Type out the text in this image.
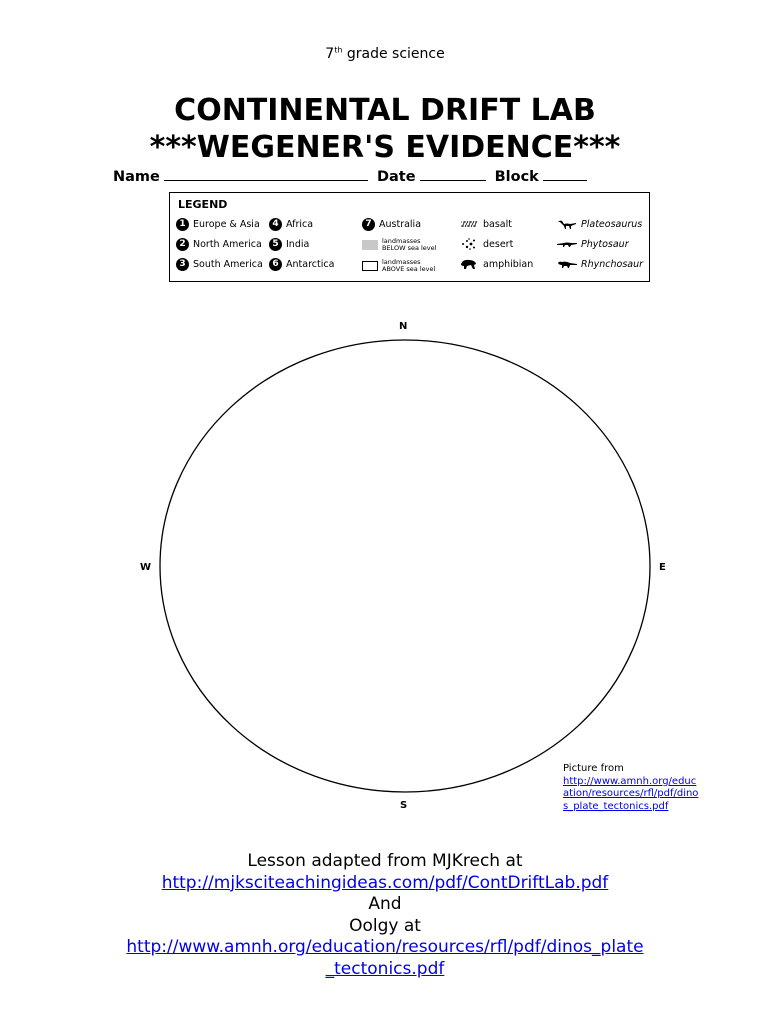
7th grade science
CONTINENTAL DRIFT LAB
***WEGENER'S EVIDENCE***
Name	Date	Block
LEGEND
1 Europe & Asia
2 North America
3 South America
4 Africa
5 India
6 Antarctica
7 Australia
landmasses
BELOW sea level
landmasses
ABOVE sea level
basalt
desert
amphibian
Plateosaurus
Phytosaur
Rhynchosaur
N
S
E
W
Picture from
http://www.amnh.org/educ
ation/resources/rfl/pdf/dino
s_plate_tectonics.pdf
Lesson adapted from MJKrech at
http://mjksciteachingideas.com/pdf/ContDriftLab.pdf
And
Oolgy at
http://www.amnh.org/education/resources/rfl/pdf/dinos_plate
_tectonics.pdf
